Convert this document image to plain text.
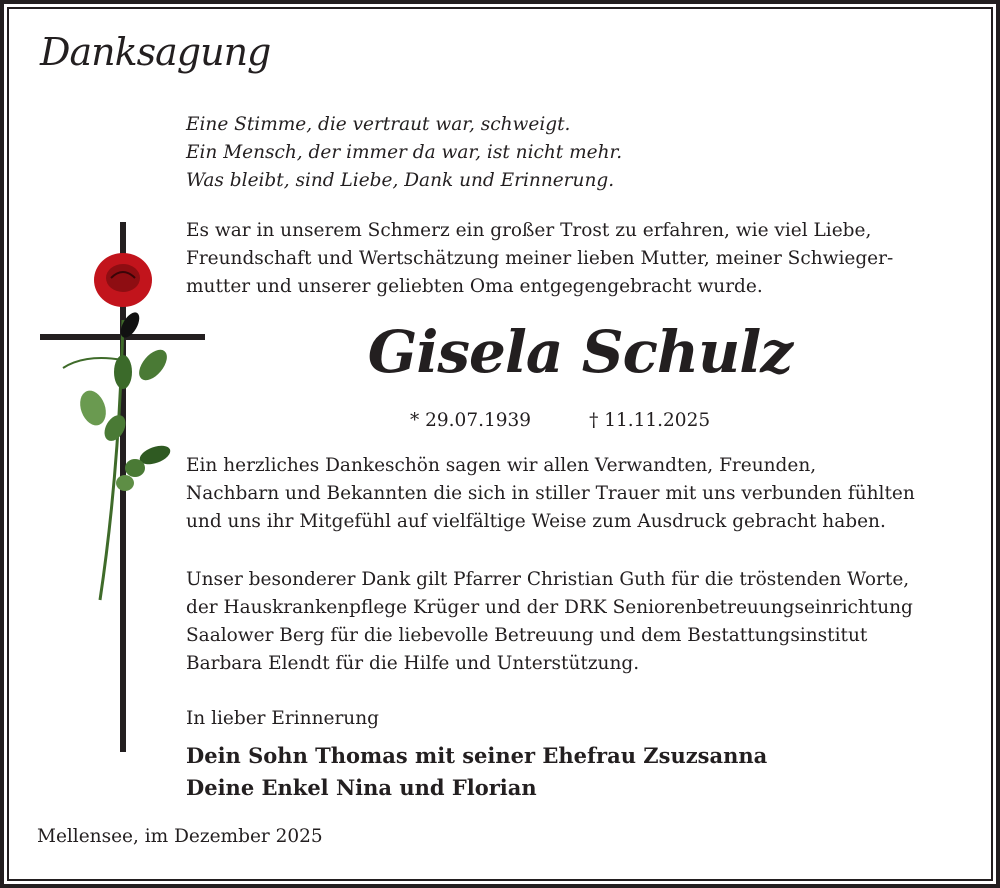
Danksagung
Eine Stimme, die vertraut war, schweigt.
Ein Mensch, der immer da war, ist nicht mehr.
Was bleibt, sind Liebe, Dank und Erinnerung.
Es war in unserem Schmerz ein großer Trost zu erfahren, wie viel Liebe,
Freundschaft und Wertschätzung meiner lieben Mutter, meiner Schwieger-
mutter und unserer geliebten Oma entgegengebracht wurde.
Gisela Schulz
* 29.07.1939	† 11.11.2025
Ein herzliches Dankeschön sagen wir allen Verwandten, Freunden,
Nachbarn und Bekannten die sich in stiller Trauer mit uns verbunden fühlten
und uns ihr Mitgefühl auf vielfältige Weise zum Ausdruck gebracht haben.
Unser besonderer Dank gilt Pfarrer Christian Guth für die tröstenden Worte,
der Hauskrankenpflege Krüger und der DRK Seniorenbetreuungseinrichtung
Saalower Berg für die liebevolle Betreuung und dem Bestattungsinstitut
Barbara Elendt für die Hilfe und Unterstützung.
In lieber Erinnerung
Dein Sohn Thomas mit seiner Ehefrau Zsuzsanna
Deine Enkel Nina und Florian
Mellensee, im Dezember 2025
